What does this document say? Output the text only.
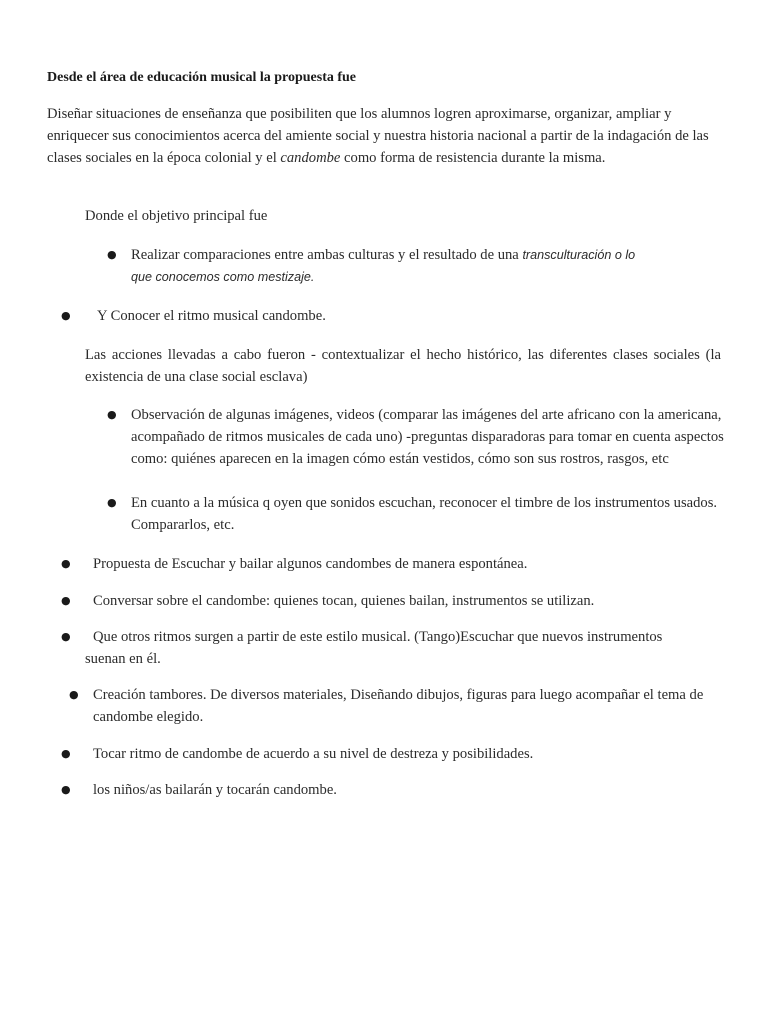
Desde el área de educación musical la propuesta fue
Diseñar situaciones de enseñanza que posibiliten que los alumnos logren aproximarse, organizar, ampliar y enriquecer sus conocimientos acerca del amiente social y nuestra historia nacional a partir de la indagación de las clases sociales en la época colonial y el candombe como forma de resistencia durante la misma.
Donde el objetivo principal fue
● Realizar comparaciones entre ambas culturas y el resultado de una transculturación o lo
que conocemos como mestizaje.
● Y Conocer el ritmo musical candombe.
Las acciones llevadas a cabo fueron - contextualizar el hecho histórico, las diferentes clases sociales (la existencia de una clase social esclava)
● Observación de algunas imágenes, videos (comparar las imágenes del arte africano con la americana, acompañado de ritmos musicales de cada uno) -preguntas disparadoras para tomar en cuenta aspectos como: quiénes aparecen en la imagen cómo están vestidos, cómo son sus rostros, rasgos, etc
● En cuanto a la música q oyen que sonidos escuchan, reconocer el timbre de los instrumentos usados. Compararlos, etc.
● Propuesta de Escuchar y bailar algunos candombes de manera espontánea.
● Conversar sobre el candombe: quienes tocan, quienes bailan, instrumentos se utilizan.
●	Que otros ritmos surgen a partir de este estilo musical. (Tango)Escuchar que nuevos instrumentos suenan en él.
● Creación tambores. De diversos materiales, Diseñando dibujos, figuras para luego acompañar el tema de candombe elegido.
● Tocar ritmo de candombe de acuerdo a su nivel de destreza y posibilidades.
● los niños/as bailarán y tocarán candombe.
